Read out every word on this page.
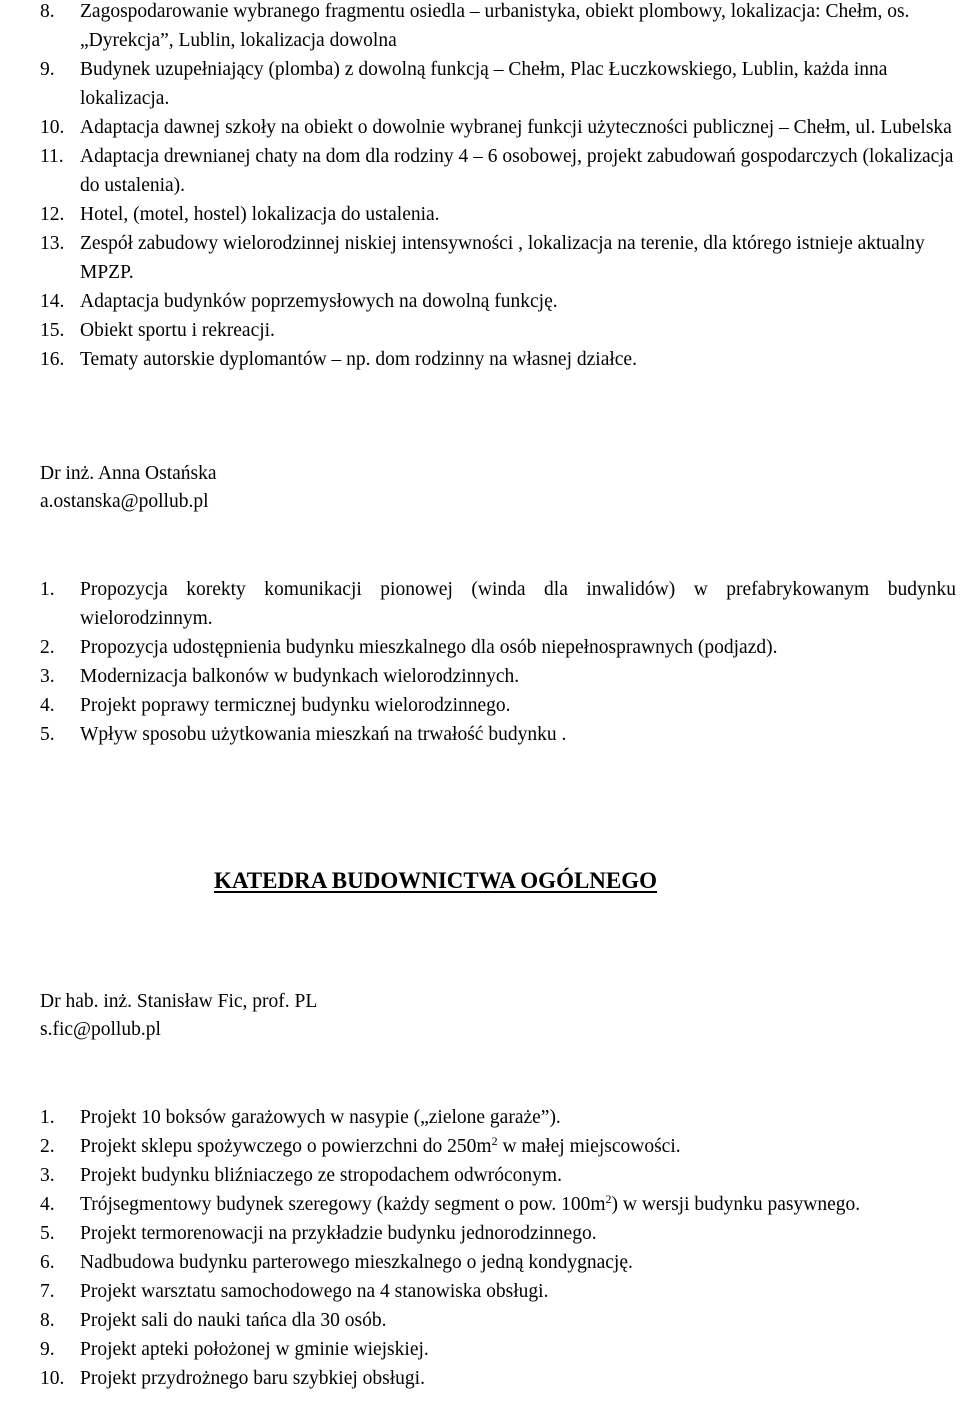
8. Zagospodarowanie wybranego fragmentu osiedla – urbanistyka, obiekt plombowy, lokalizacja: Chełm, os. „Dyrekcja”, Lublin, lokalizacja dowolna
9. Budynek uzupełniający (plomba) z dowolną funkcją – Chełm, Plac Łuczkowskiego, Lublin, każda inna lokalizacja.
10. Adaptacja dawnej szkoły na obiekt o dowolnie wybranej funkcji użyteczności publicznej – Chełm, ul. Lubelska
11. Adaptacja drewnianej chaty na dom dla rodziny 4 – 6 osobowej, projekt zabudowań gospodarczych (lokalizacja do ustalenia).
12. Hotel, (motel, hostel) lokalizacja do ustalenia.
13. Zespół zabudowy wielorodzinnej niskiej intensywności , lokalizacja na terenie, dla którego istnieje aktualny MPZP.
14. Adaptacja budynków poprzemysłowych na dowolną funkcję.
15. Obiekt sportu i rekreacji.
16. Tematy autorskie dyplomantów – np. dom rodzinny na własnej działce.
Dr inż. Anna Ostańska
a.ostanska@pollub.pl
1. Propozycja korekty komunikacji pionowej (winda dla inwalidów) w prefabrykowanym budynku wielorodzinnym.
2. Propozycja udostępnienia budynku mieszkalnego dla osób niepełnosprawnych (podjazd).
3. Modernizacja balkonów w budynkach wielorodzinnych.
4. Projekt poprawy termicznej budynku wielorodzinnego.
5. Wpływ sposobu użytkowania mieszkań na trwałość budynku .
KATEDRA BUDOWNICTWA OGÓLNEGO
Dr hab. inż. Stanisław Fic, prof. PL
s.fic@pollub.pl
1. Projekt 10 boksów garażowych w nasypie („zielone garaże”).
2. Projekt sklepu spożywczego o powierzchni do $250m^2$ w małej miejscowości.
3. Projekt budynku bliźniaczego ze stropodachem odwróconym.
4. Trójsegmentowy budynek szeregowy (każdy segment o pow. $100m^2$) w wersji budynku pasywnego.
5. Projekt termorenowacji na przykładzie budynku jednorodzinnego.
6. Nadbudowa budynku parterowego mieszkalnego o jedną kondygnację.
7. Projekt warsztatu samochodowego na 4 stanowiska obsługi.
8. Projekt sali do nauki tańca dla 30 osób.
9. Projekt apteki położonej w gminie wiejskiej.
10. Projekt przydrożnego baru szybkiej obsługi.
